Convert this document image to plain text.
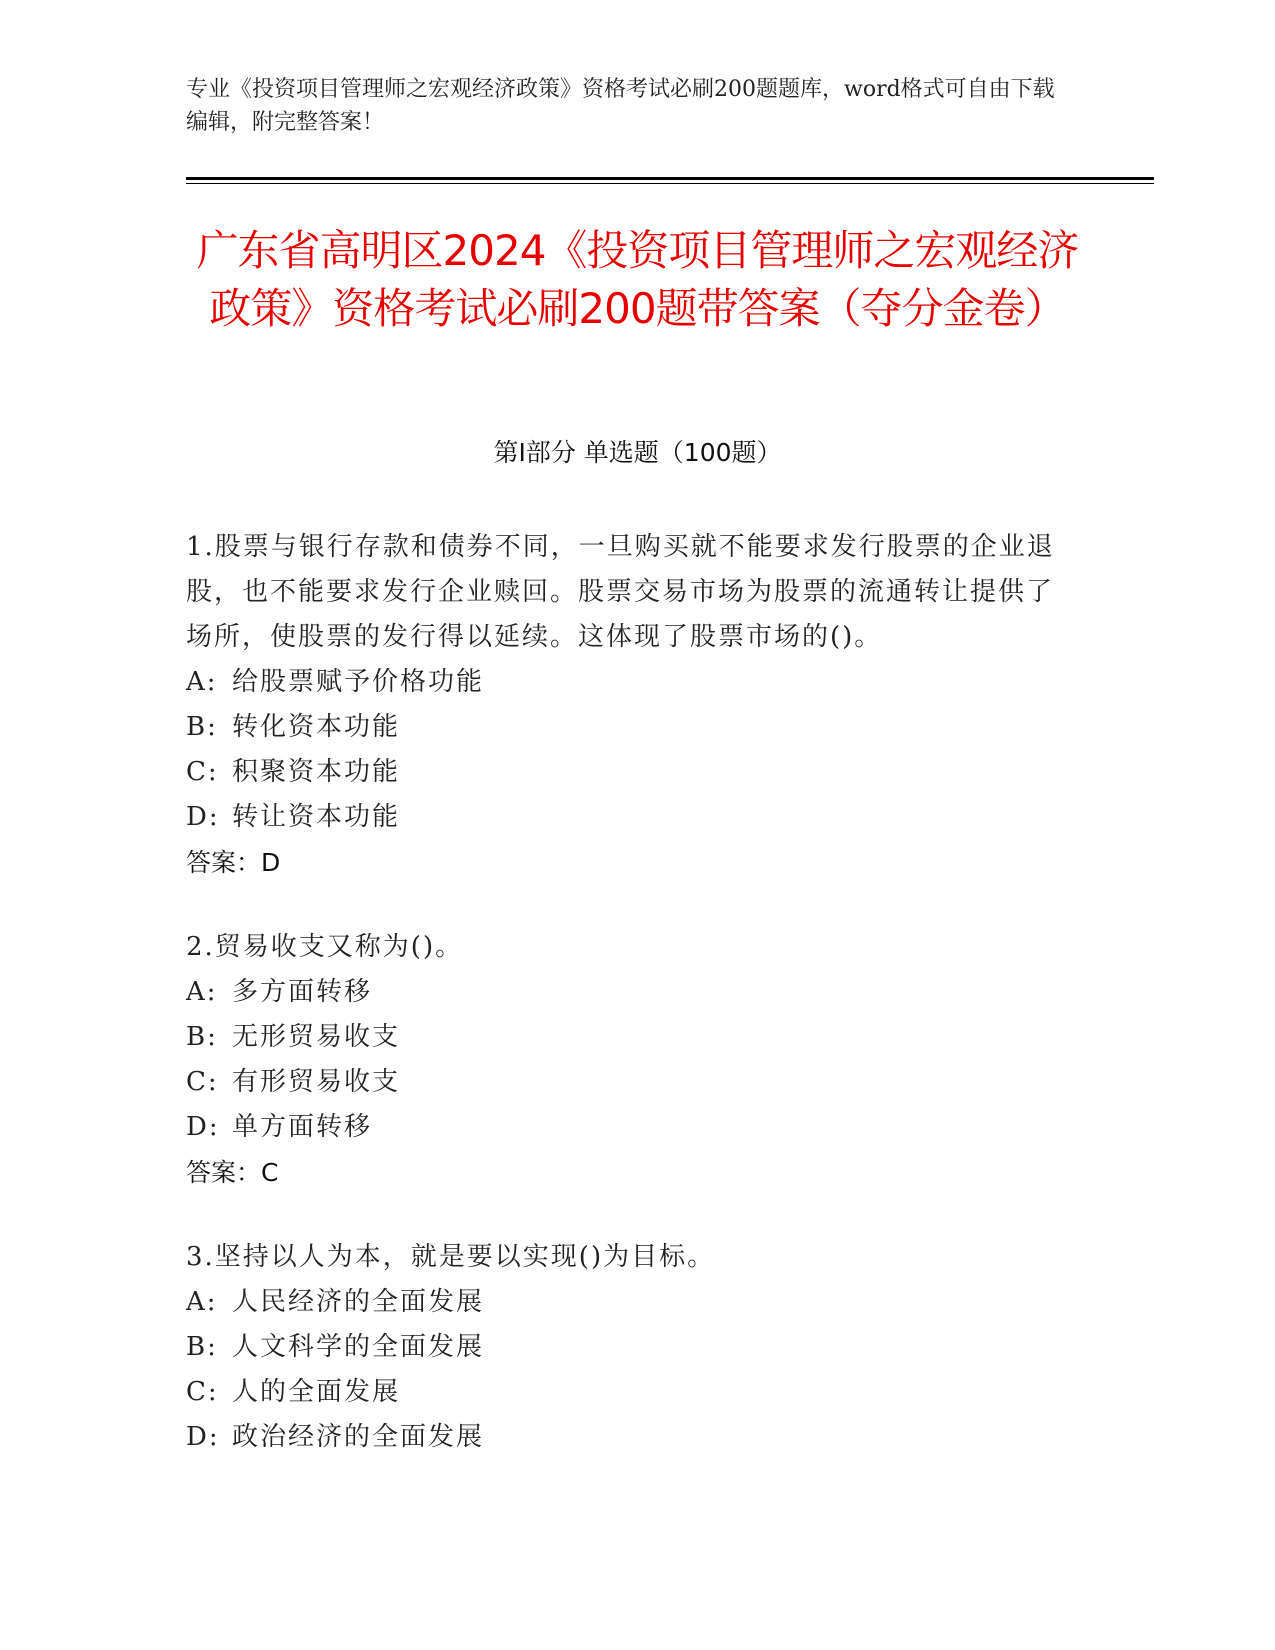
专业《投资项目管理师之宏观经济政策》资格考试必刷200题题库，word格式可自由下载编辑，附完整答案！
广东省高明区2024《投资项目管理师之宏观经济政策》资格考试必刷200题带答案（夺分金卷）
第I部分 单选题（100题）
1.股票与银行存款和债券不同，一旦购买就不能要求发行股票的企业退股，也不能要求发行企业赎回。股票交易市场为股票的流通转让提供了场所，使股票的发行得以延续。这体现了股票市场的()。
A: 给股票赋予价格功能
B: 转化资本功能
C: 积聚资本功能
D: 转让资本功能
答案：D
2.贸易收支又称为()。
A: 多方面转移
B: 无形贸易收支
C: 有形贸易收支
D: 单方面转移
答案：C
3.坚持以人为本，就是要以实现()为目标。
A: 人民经济的全面发展
B: 人文科学的全面发展
C: 人的全面发展
D: 政治经济的全面发展
